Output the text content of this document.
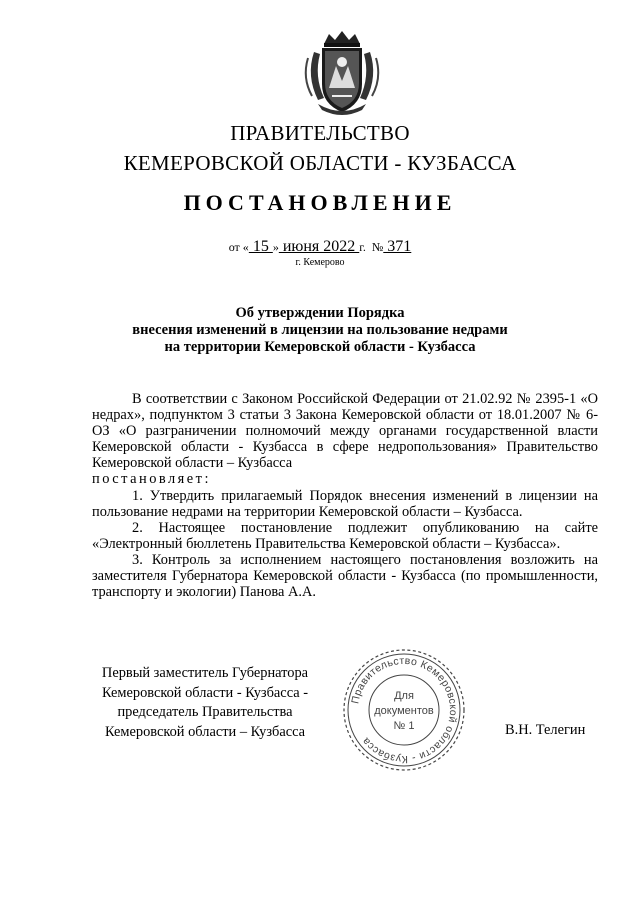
ПРАВИТЕЛЬСТВО
КЕМЕРОВСКОЙ ОБЛАСТИ - КУЗБАССА
ПОСТАНОВЛЕНИЕ
от « 15 » июня 2022 г. № 371
г. Кемерово
Об утверждении Порядка
внесения изменений в лицензии на пользование недрами
на территории Кемеровской области - Кузбасса

В соответствии с Законом Российской Федерации от 21.02.92 № 2395-1 «О недрах», подпунктом 3 статьи 3 Закона Кемеровской области от 18.01.2007 № 6-ОЗ «О разграничении полномочий между органами государственной власти Кемеровской области - Кузбасса в сфере недропользования» Правительство Кемеровской области – Кузбасса

постановляет:

1. Утвердить прилагаемый Порядок внесения изменений в лицензии на пользование недрами на территории Кемеровской области – Кузбасса.

2. Настоящее постановление подлежит опубликованию на сайте «Электронный бюллетень Правительства Кемеровской области – Кузбасса».

3. Контроль за исполнением настоящего постановления возложить на заместителя Губернатора Кемеровской области - Кузбасса (по промышленности, транспорту и экологии) Панова А.А.

Первый заместитель Губернатора
Кемеровской области - Кузбасса -
председатель Правительства
Кемеровской области – Кузбасса
Правительство Кемеровской области - Кузбасса
Для
документов
№ 1	В.Н. Телегин
